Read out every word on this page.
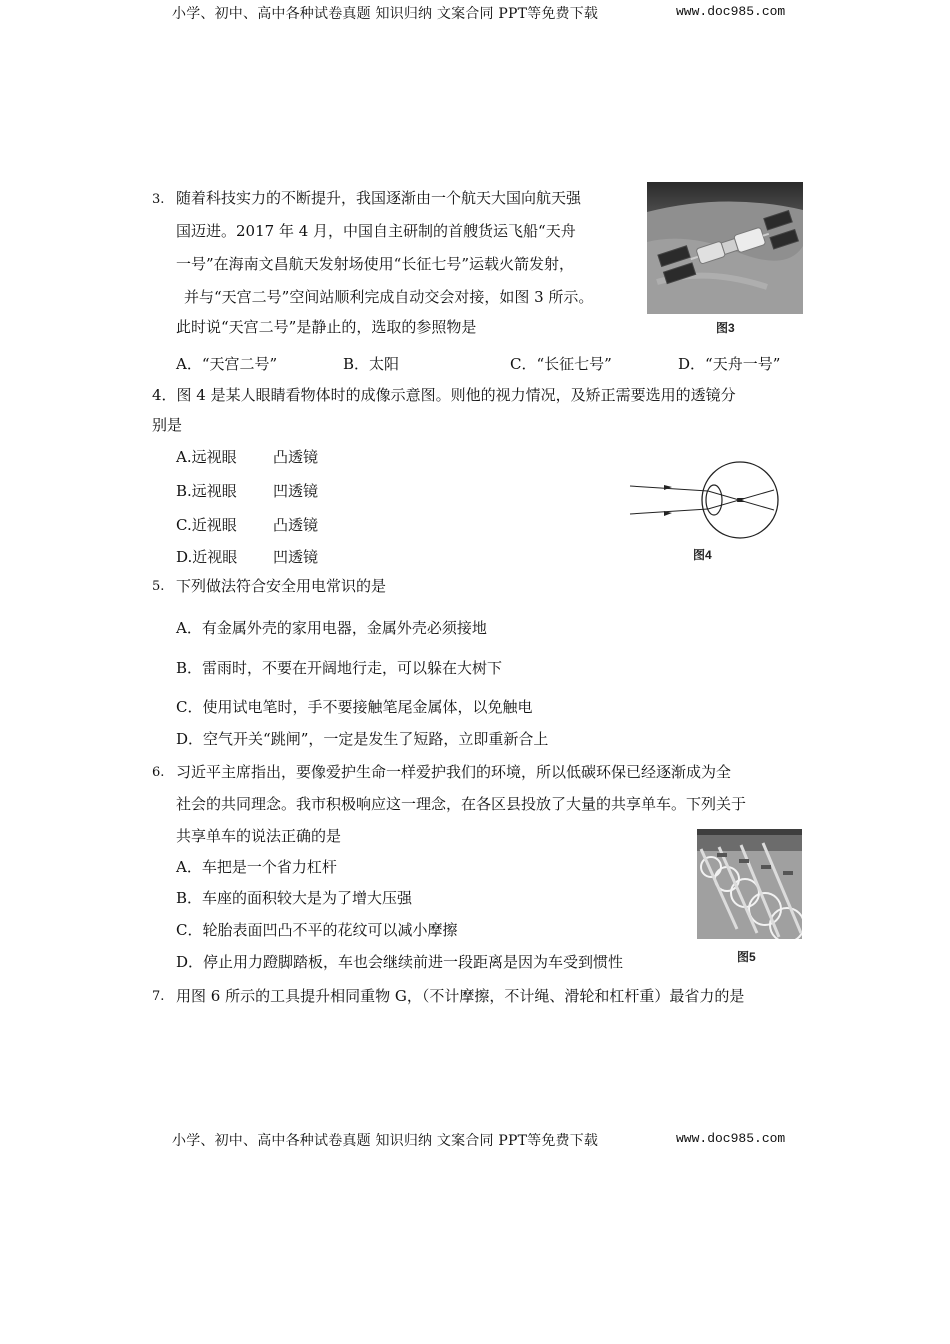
小学、初中、高中各种试卷真题 知识归纳 文案合同 PPT等免费下载	www.doc985.com
3. 随着科技实力的不断提升，我国逐渐由一个航天大国向航天强
国迈进。2017 年 4 月，中国自主研制的首艘货运飞船“天舟
一号”在海南文昌航天发射场使用“长征七号”运载火箭发射，
并与“天宫二号”空间站顺利完成自动交会对接，如图 3 所示。
此时说“天宫二号”是静止的，选取的参照物是	图3
A．“天宫二号”	B．太阳	C．“长征七号”	D．“天舟一号”
4．图 4 是某人眼睛看物体时的成像示意图。则他的视力情况，及矫正需要选用的透镜分
别是
A.远视眼 凸透镜
B.远视眼 凹透镜
C.近视眼 凸透镜
D.近视眼 凹透镜	图4
5. 下列做法符合安全用电常识的是
A．有金属外壳的家用电器，金属外壳必须接地
B．雷雨时，不要在开阔地行走，可以躲在大树下
C．使用试电笔时，手不要接触笔尾金属体，以免触电
D．空气开关“跳闸”，一定是发生了短路，立即重新合上
6. 习近平主席指出，要像爱护生命一样爱护我们的环境，所以低碳环保已经逐渐成为全
社会的共同理念。我市积极响应这一理念，在各区县投放了大量的共享单车。下列关于
共享单车的说法正确的是
A．车把是一个省力杠杆
B．车座的面积较大是为了增大压强
C．轮胎表面凹凸不平的花纹可以减小摩擦
D．停止用力蹬脚踏板，车也会继续前进一段距离是因为车受到惯性	图5
7. 用图 6 所示的工具提升相同重物 G，（不计摩擦，不计绳、滑轮和杠杆重）最省力的是
小学、初中、高中各种试卷真题 知识归纳 文案合同 PPT等免费下载	www.doc985.com
